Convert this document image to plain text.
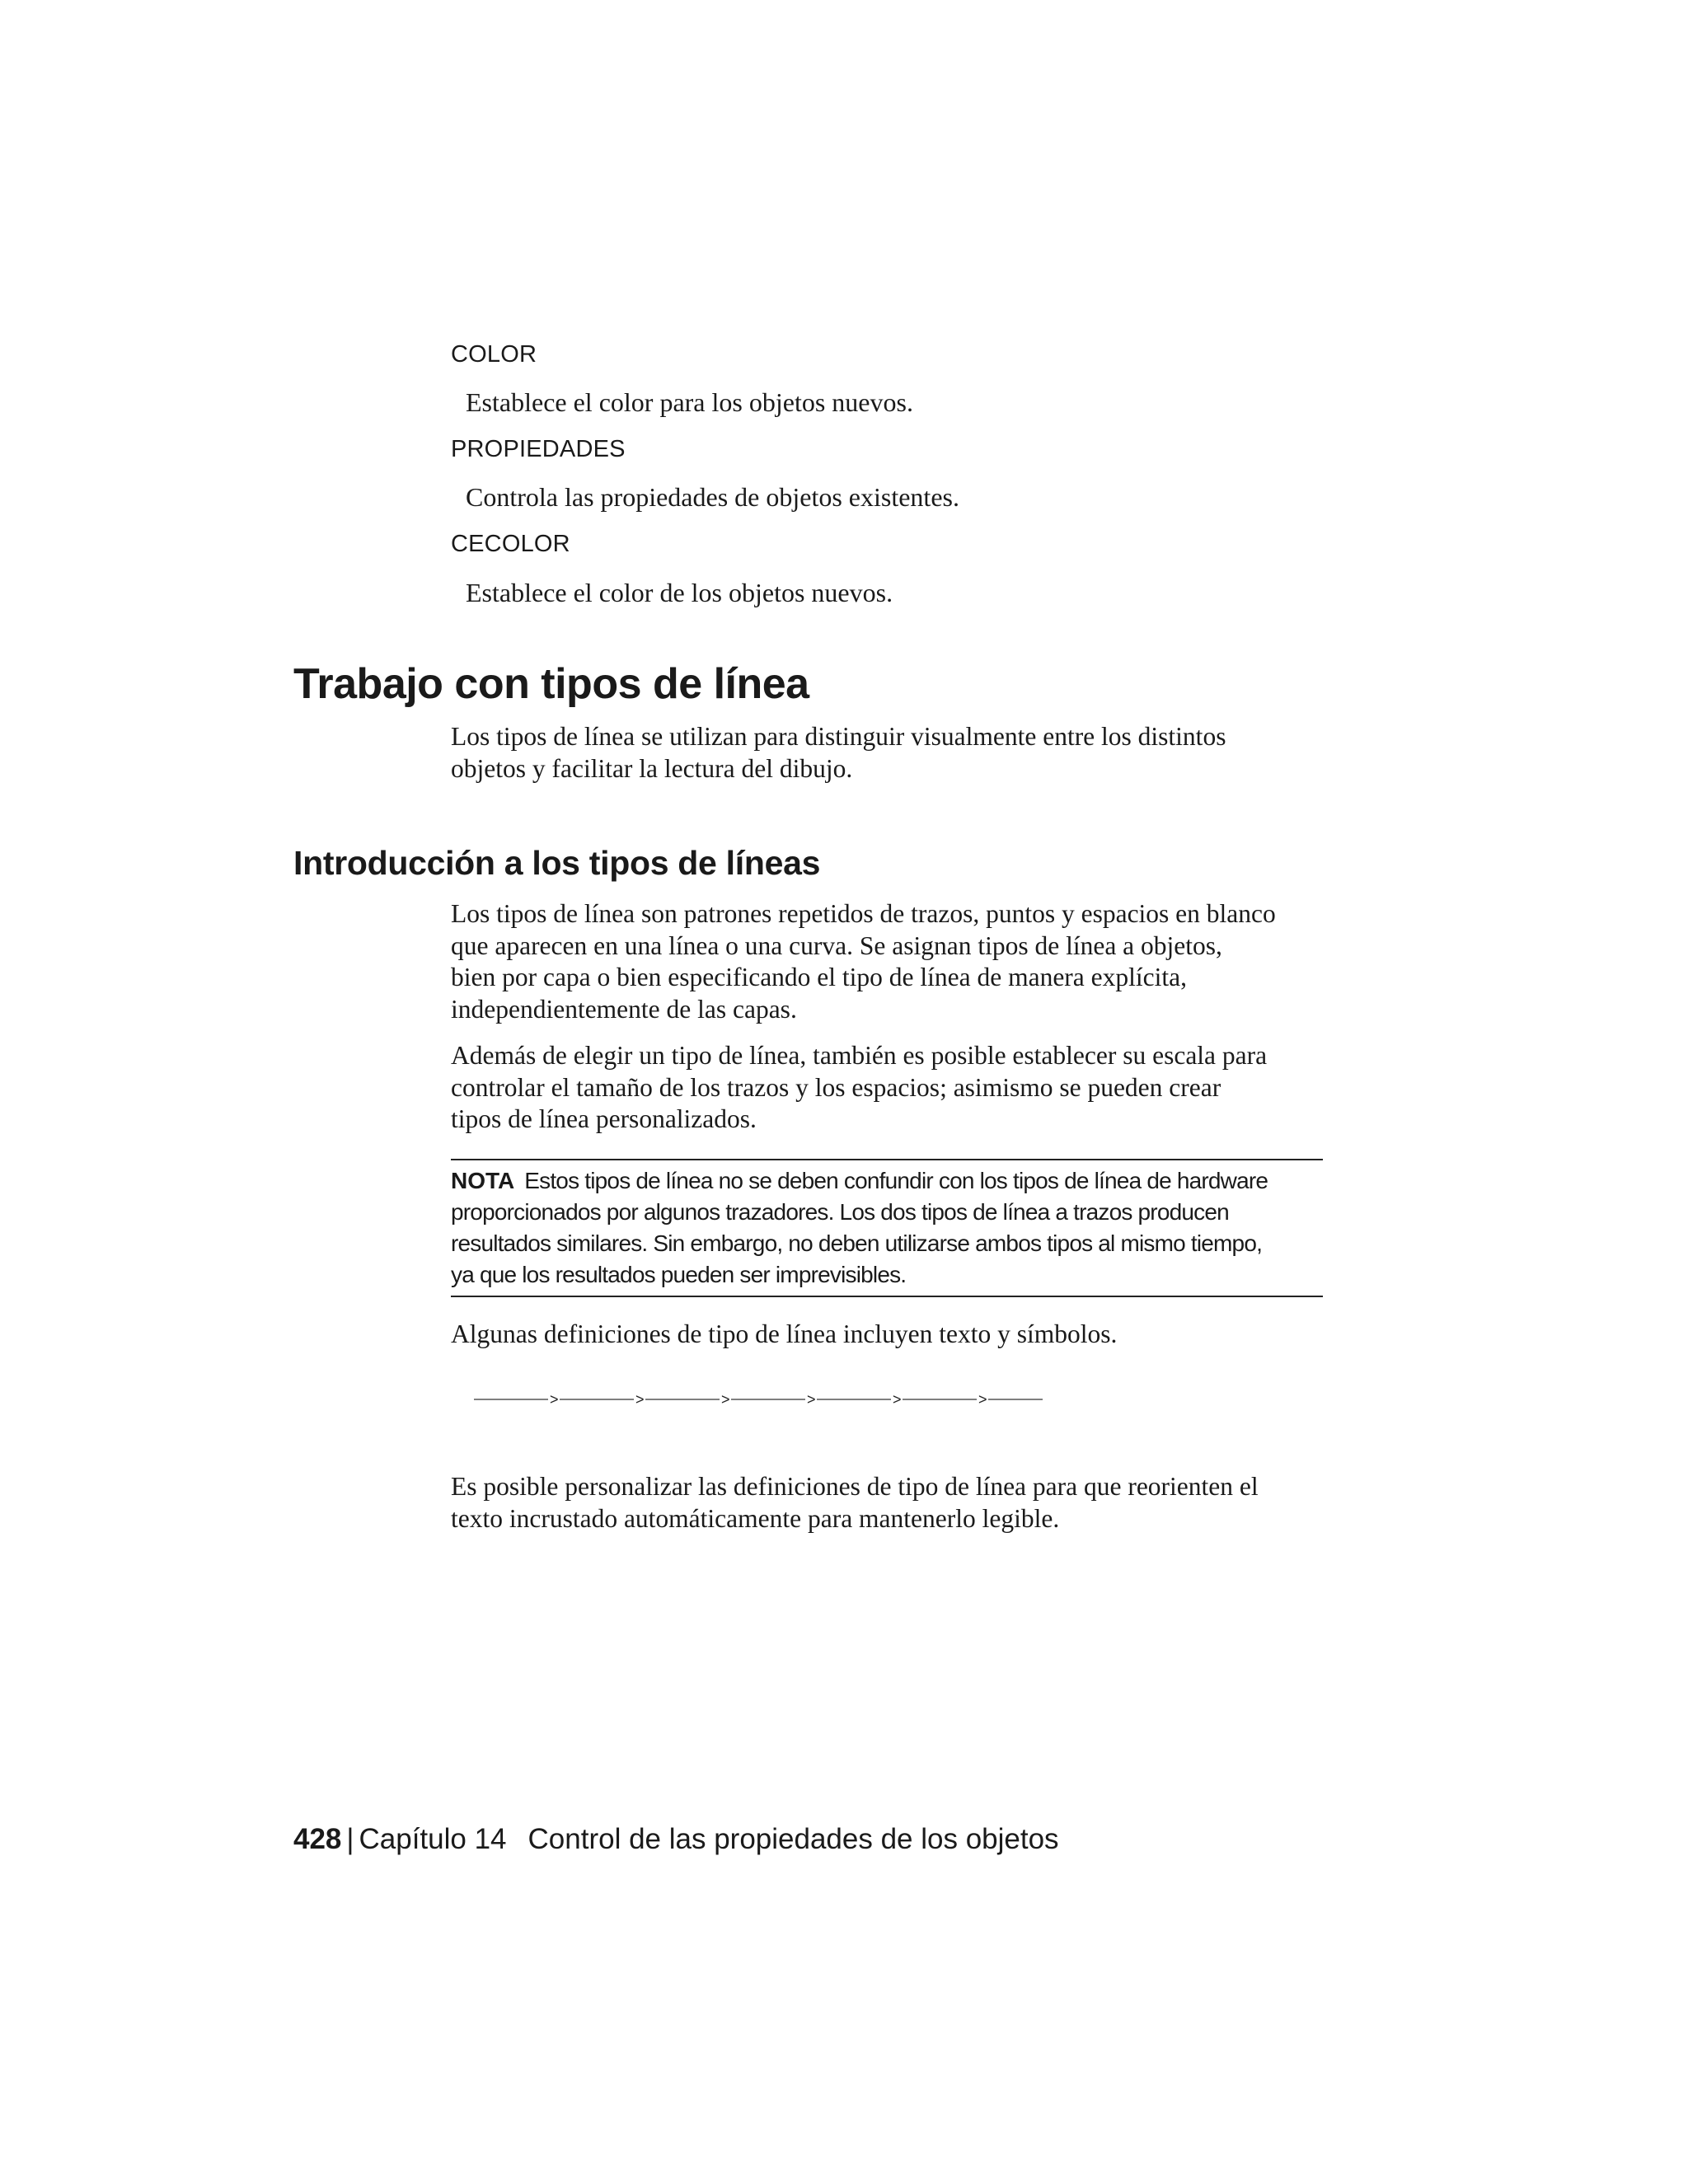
COLOR
Establece el color para los objetos nuevos.
PROPIEDADES
Controla las propiedades de objetos existentes.
CECOLOR
Establece el color de los objetos nuevos.
Trabajo con tipos de línea

Los tipos de línea se utilizan para distinguir visualmente entre los distintos
objetos y facilitar la lectura del dibujo.

Introducción a los tipos de líneas

Los tipos de línea son patrones repetidos de trazos, puntos y espacios en blanco
que aparecen en una línea o una curva. Se asignan tipos de línea a objetos,
bien por capa o bien especificando el tipo de línea de manera explícita,
independientemente de las capas.

Además de elegir un tipo de línea, también es posible establecer su escala para
controlar el tamaño de los trazos y los espacios; asimismo se pueden crear
tipos de línea personalizados.

NOTA Estos tipos de línea no se deben confundir con los tipos de línea de hardware
proporcionados por algunos trazadores. Los dos tipos de línea a trazos producen
resultados similares. Sin embargo, no deben utilizarse ambos tipos al mismo tiempo,
ya que los resultados pueden ser imprevisibles.

Algunas definiciones de tipo de línea incluyen texto y símbolos.

>	>	>	>	>	>

Es posible personalizar las definiciones de tipo de línea para que reorienten el
texto incrustado automáticamente para mantenerlo legible.

428 | Capítulo 14 Control de las propiedades de los objetos
